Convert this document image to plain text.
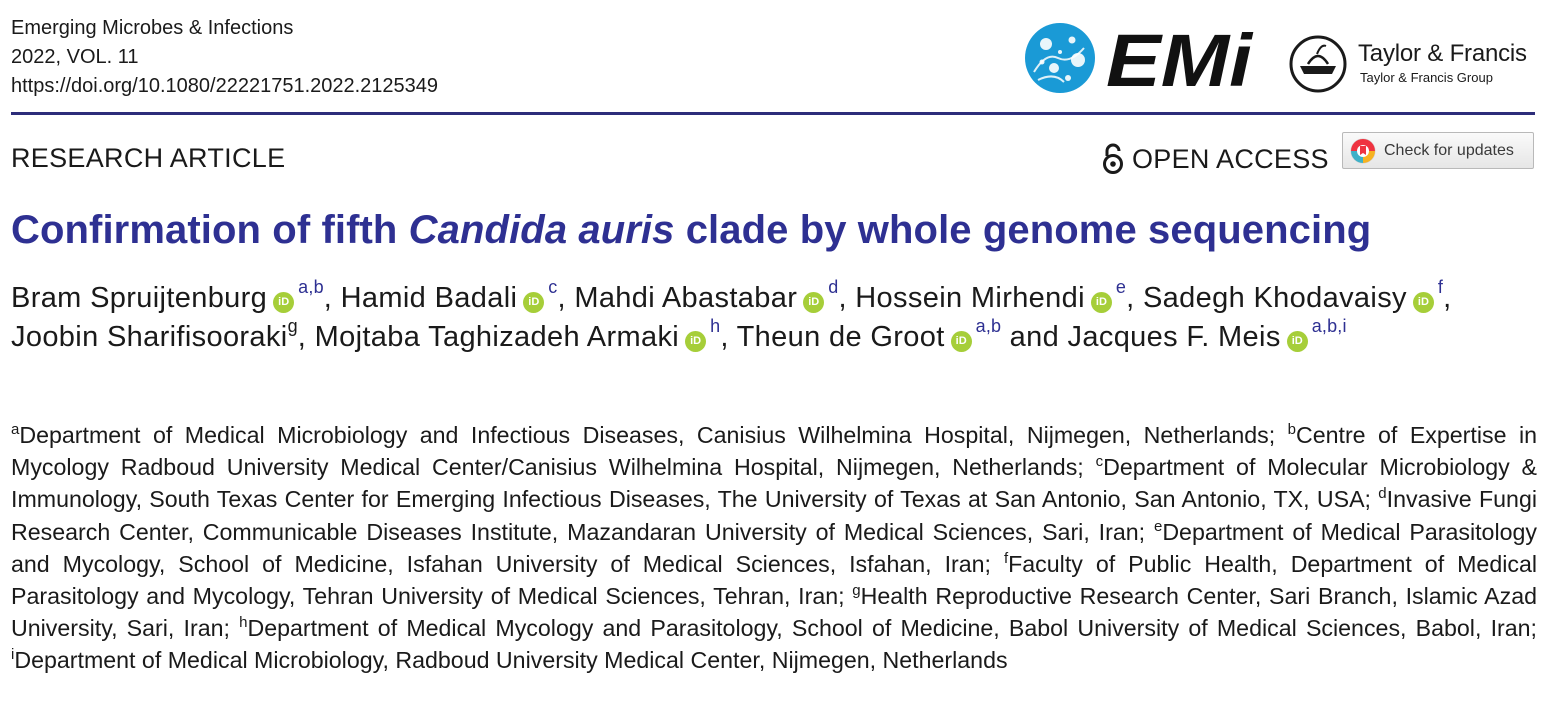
Emerging Microbes & Infections
2022, VOL. 11
https://doi.org/10.1080/22221751.2022.2125349	EMi	Taylor & Francis
Taylor & Francis Group
RESEARCH ARTICLE	OPEN ACCESS	Check for updates
Confirmation of fifth Candida auris clade by whole genome sequencing
Bram Spruijtenburg iD$^{a,b}$, Hamid Badali $iD^c$, Mahdi Abastabar $iD^d$, Hossein Mirhendi $iD^e$, Sadegh Khodavaisy $iD^f$, Joobin Sharifisooraki$^g$, Mojtaba Taghizadeh Armaki $iD^h$, Theun de Groot iD$^{a,b}$ and Jacques F. Meis iD$^{a,b,i}$
$^a$Department of Medical Microbiology and Infectious Diseases, Canisius Wilhelmina Hospital, Nijmegen, Netherlands; $^b$Centre of Expertise in Mycology Radboud University Medical Center/Canisius Wilhelmina Hospital, Nijmegen, Netherlands; $^c$Department of Molecular Microbiology & Immunology, South Texas Center for Emerging Infectious Diseases, The University of Texas at San Antonio, San Antonio, TX, USA; $^d$Invasive Fungi Research Center, Communicable Diseases Institute, Mazandaran University of Medical Sciences, Sari, Iran; $^e$Department of Medical Parasitology and Mycology, School of Medicine, Isfahan University of Medical Sciences, Isfahan, Iran; $^f$Faculty of Public Health, Department of Medical Parasitology and Mycology, Tehran University of Medical Sciences, Tehran, Iran; $^g$Health Reproductive Research Center, Sari Branch, Islamic Azad University, Sari, Iran; $^h$Department of Medical Mycology and Parasitology, School of Medicine, Babol University of Medical Sciences, Babol, Iran; $^i$Department of Medical Microbiology, Radboud University Medical Center, Nijmegen, Netherlands
